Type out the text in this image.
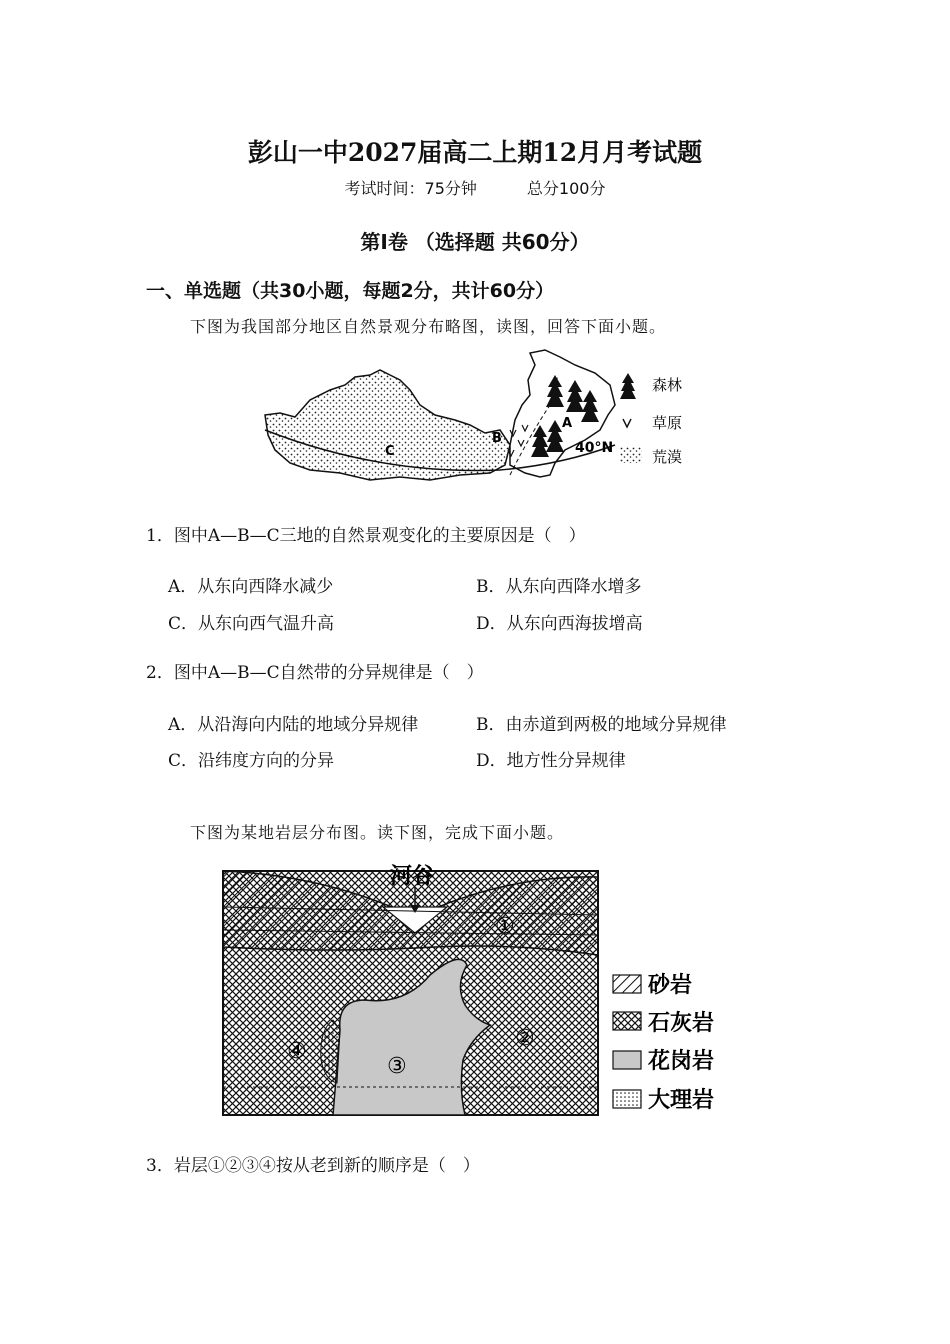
彭山一中2027届高二上期12月月考试题
考试时间：75分钟	总分100分
第Ⅰ卷 （选择题 共60分）
一、单选题（共30小题，每题2分，共计60分）
下图为我国部分地区自然景观分布略图，读图，回答下面小题。
A
B
C	40°N
森林
草原
荒漠
1．图中A—B—C三地的自然景观变化的主要原因是（　）
A．从东向西降水减少	B．从东向西降水增多
C．从东向西气温升高	D．从东向西海拔增高
2．图中A—B—C自然带的分异规律是（　）
A．从沿海向内陆的地域分异规律	B．由赤道到两极的地域分异规律
C．沿纬度方向的分异	D．地方性分异规律
下图为某地岩层分布图。读下图，完成下面小题。
河谷
①
②
③
④
砂岩
石灰岩
花岗岩
大理岩
3．岩层①②③④按从老到新的顺序是（　）
